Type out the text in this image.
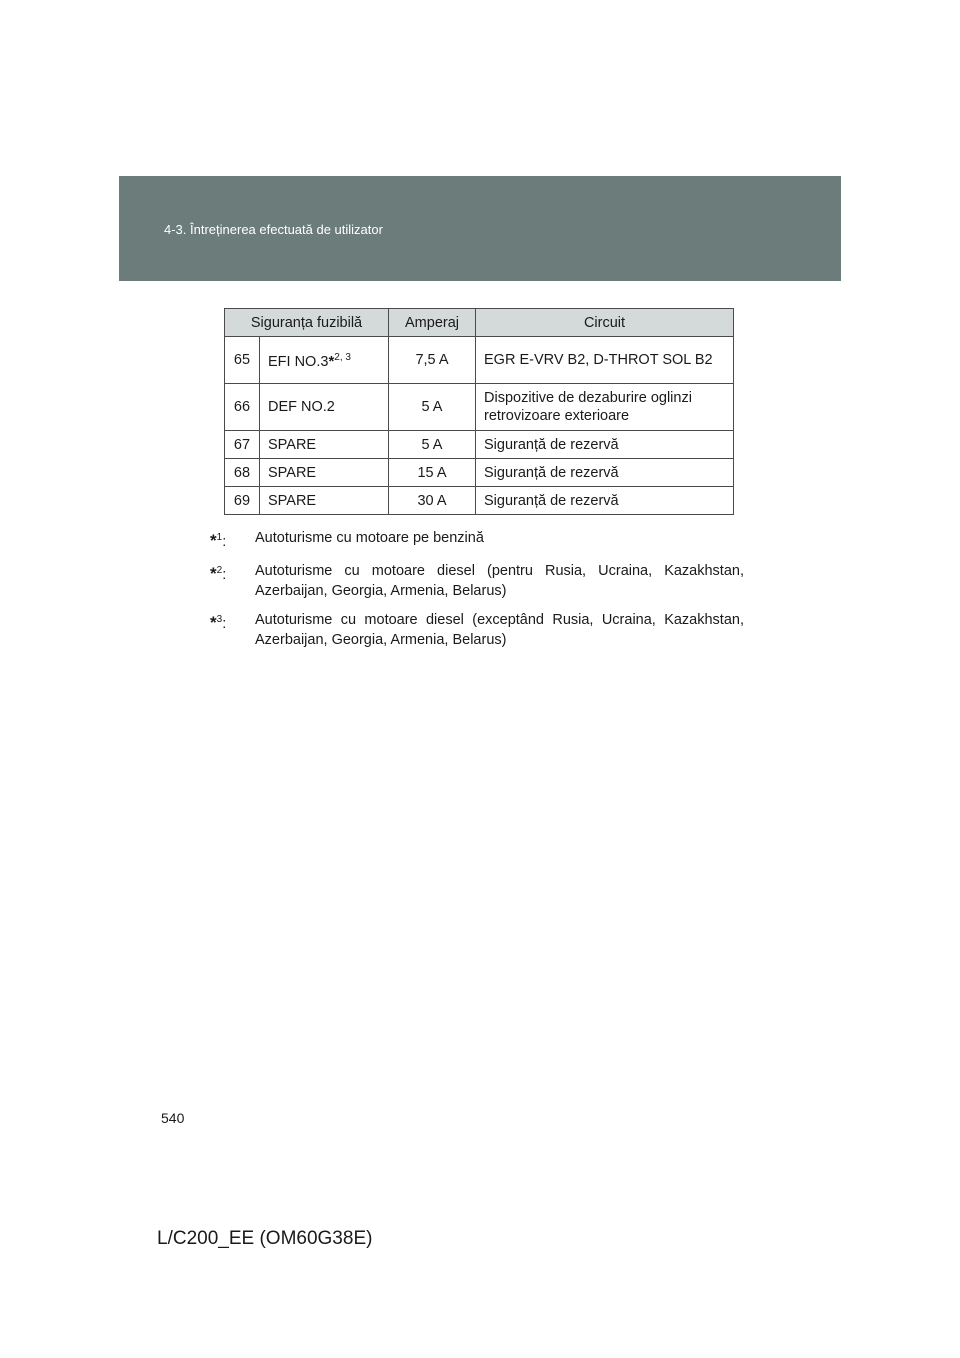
4-3. Întreținerea efectuată de utilizator
Siguranța fuzibilă		Amperaj	Circuit
65	EFI NO.3*$^{2, 3}$	7,5 A	EGR E-VRV B2, D-THROT SOL B2
66	DEF NO.2	5 A	Dispozitive de dezaburire oglinzi retrovizoare exterioare
67	SPARE	5 A	Siguranță de rezervă
68	SPARE	15 A	Siguranță de rezervă
69	SPARE	30 A	Siguranță de rezervă
*$^1$:	Autoturisme cu motoare pe benzină
*$^2$:	Autoturisme cu motoare diesel (pentru Rusia, Ucraina, Kazakhstan, Azerbaijan, Georgia, Armenia, Belarus)
*$^3$:	Autoturisme cu motoare diesel (exceptând Rusia, Ucraina, Kazakhstan, Azerbaijan, Georgia, Armenia, Belarus)
540
L/C200_EE (OM60G38E)
